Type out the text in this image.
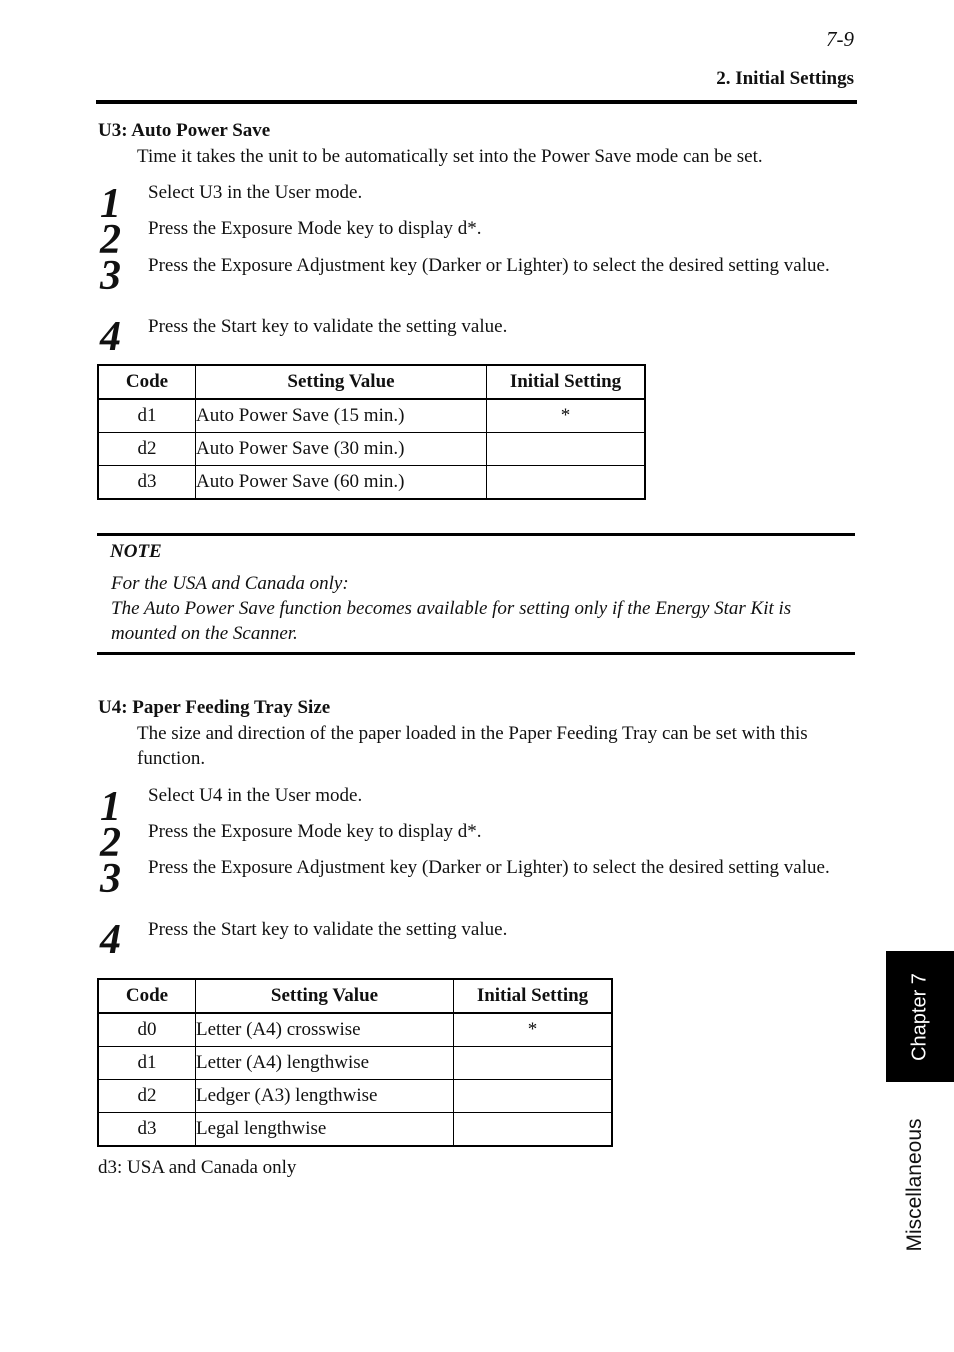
7-9
2. Initial Settings
U3: Auto Power Save
Time it takes the unit to be automatically set into the Power Save mode can be set.
1 Select U3 in the User mode.
2 Press the Exposure Mode key to display d*.
3 Press the Exposure Adjustment key (Darker or Lighter) to select the desired setting value.
4 Press the Start key to validate the setting value.
Code	Setting Value	Initial Setting
d1	Auto Power Save (15 min.)	*
d2	Auto Power Save (30 min.)	
d3	Auto Power Save (60 min.)	
NOTE
For the USA and Canada only:
The Auto Power Save function becomes available for setting only if the Energy Star Kit is mounted on the Scanner.
U4: Paper Feeding Tray Size
The size and direction of the paper loaded in the Paper Feeding Tray can be set with this function.
1 Select U4 in the User mode.
2 Press the Exposure Mode key to display d*.
3 Press the Exposure Adjustment key (Darker or Lighter) to select the desired setting value.
4 Press the Start key to validate the setting value.
Code	Setting Value	Initial Setting
d0	Letter (A4) crosswise	*
d1	Letter (A4) lengthwise	
d2	Ledger (A3) lengthwise	
d3	Legal lengthwise	
d3: USA and Canada only
Chapter 7
Miscellaneous
